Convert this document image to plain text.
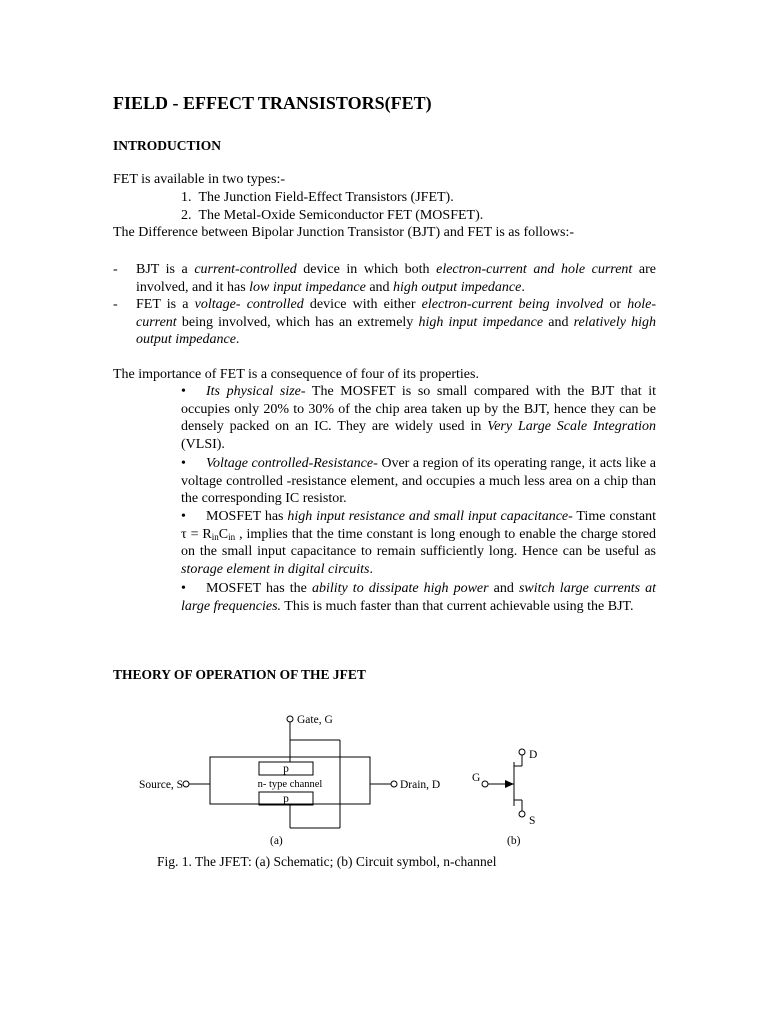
FIELD - EFFECT TRANSISTORS(FET)
INTRODUCTION
FET is available in two types:-
1. The Junction Field-Effect Transistors (JFET).
2. The Metal-Oxide Semiconductor FET (MOSFET).
The Difference between Bipolar Junction Transistor (BJT) and FET is as follows:-
- BJT is a current-controlled device in which both electron-current and hole current are involved, and it has low input impedance and high output impedance.
- FET is a voltage- controlled device with either electron-current being involved or hole-current being involved, which has an extremely high input impedance and relatively high output impedance.
The importance of FET is a consequence of four of its properties.
• Its physical size- The MOSFET is so small compared with the BJT that it occupies only 20% to 30% of the chip area taken up by the BJT, hence they can be densely packed on an IC. They are widely used in Very Large Scale Integration (VLSI).
• Voltage controlled-Resistance- Over a region of its operating range, it acts like a voltage controlled -resistance element, and occupies a much less area on a chip than the corresponding IC resistor.
• MOSFET has high input resistance and small input capacitance- Time constant $\tau = R_{in}C_{in}$ , implies that the time constant is long enough to enable the charge stored on the small input capacitance to remain sufficiently long. Hence can be useful as storage element in digital circuits.
• MOSFET has the ability to dissipate high power and switch large currents at large frequencies. This is much faster than that current achievable using the BJT.
THEORY OF OPERATION OF THE JFET
Gate, G
Source, S	Drain, D
p
p
n- type channel
(a)	(b)
D
G
S
Fig. 1. The JFET: (a) Schematic; (b) Circuit symbol, n-channel
